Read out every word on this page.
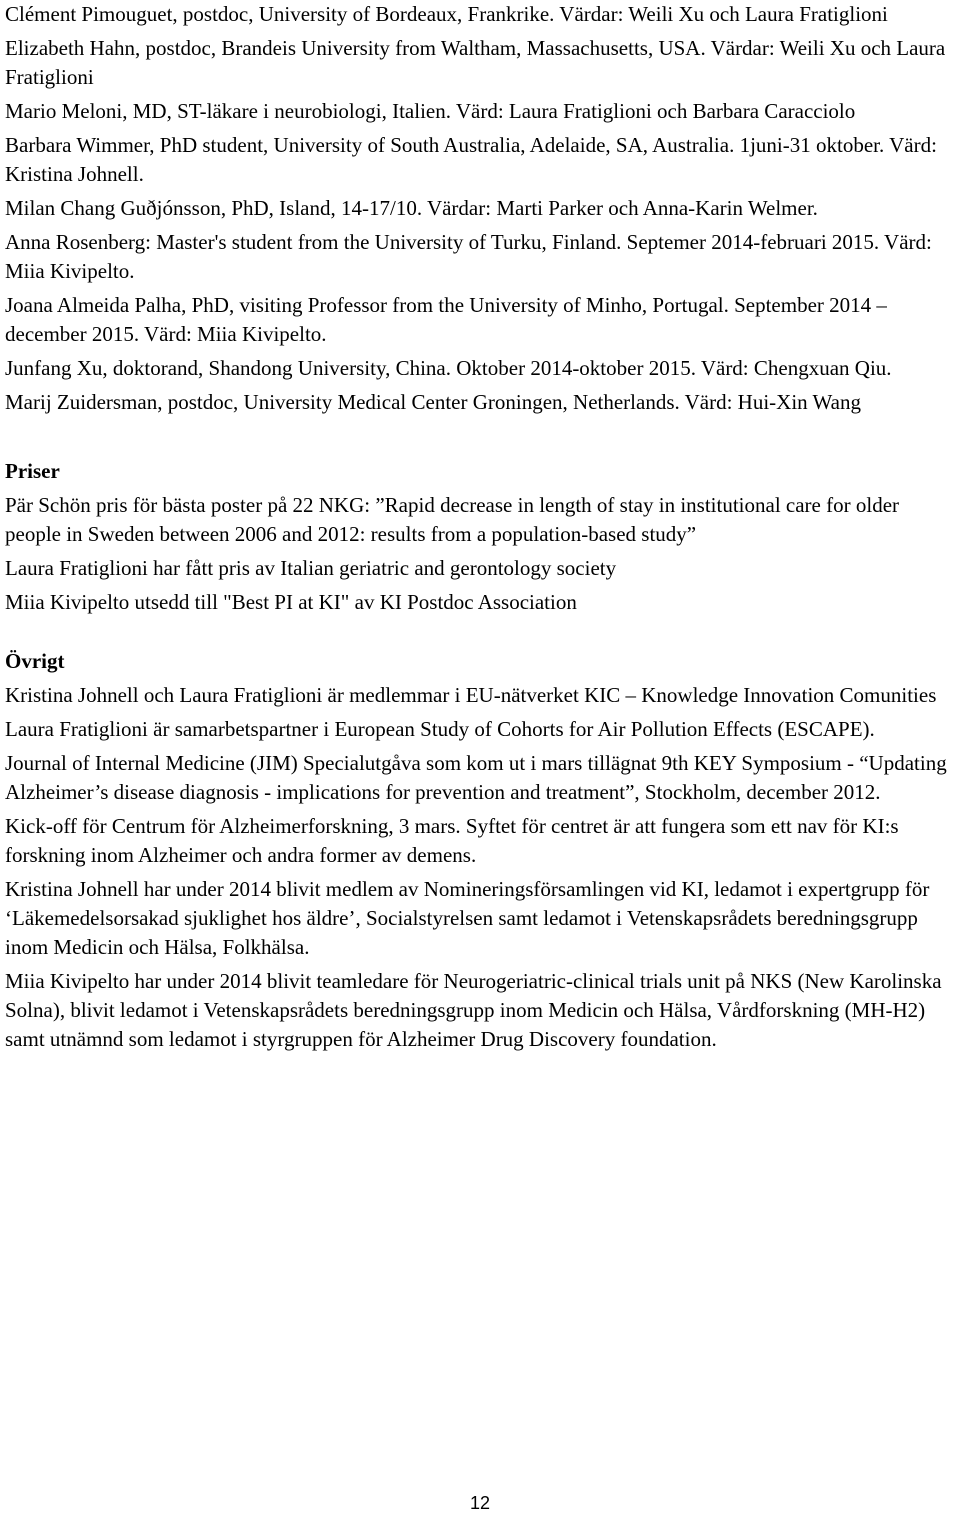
Clément Pimouguet, postdoc, University of Bordeaux, Frankrike. Värdar: Weili Xu och Laura Fratiglioni

Elizabeth Hahn, postdoc, Brandeis University from Waltham, Massachusetts, USA. Värdar: Weili Xu och Laura Fratiglioni

Mario Meloni, MD, ST-läkare i neurobiologi, Italien. Värd: Laura Fratiglioni och Barbara Caracciolo

Barbara Wimmer, PhD student, University of South Australia, Adelaide, SA, Australia. 1juni-31 oktober. Värd: Kristina Johnell.

Milan Chang Guðjónsson, PhD, Island, 14-17/10. Värdar: Marti Parker och Anna-Karin Welmer.

Anna Rosenberg: Master's student from the University of Turku, Finland. Septemer 2014-februari 2015. Värd: Miia Kivipelto.

Joana Almeida Palha, PhD, visiting Professor from the University of Minho, Portugal. September 2014 – december 2015. Värd: Miia Kivipelto.

Junfang Xu, doktorand, Shandong University, China. Oktober 2014-oktober 2015. Värd: Chengxuan Qiu.

Marij Zuidersman, postdoc, University Medical Center Groningen, Netherlands. Värd: Hui-Xin Wang

Priser

Pär Schön pris för bästa poster på 22 NKG: ”Rapid decrease in length of stay in institutional care for older people in Sweden between 2006 and 2012: results from a population-based study”

Laura Fratiglioni har fått pris av Italian geriatric and gerontology society

Miia Kivipelto utsedd till "Best PI at KI" av KI Postdoc Association

Övrigt

Kristina Johnell och Laura Fratiglioni är medlemmar i EU-nätverket KIC – Knowledge Innovation Comunities

Laura Fratiglioni är samarbetspartner i European Study of Cohorts for Air Pollution Effects (ESCAPE).

Journal of Internal Medicine (JIM) Specialutgåva som kom ut i mars tillägnat 9th KEY Symposium - “Updating Alzheimer’s disease diagnosis - implications for prevention and treatment”, Stockholm, december 2012.

Kick-off för Centrum för Alzheimerforskning, 3 mars. Syftet för centret är att fungera som ett nav för KI:s forskning inom Alzheimer och andra former av demens.

Kristina Johnell har under 2014 blivit medlem av Nomineringsförsamlingen vid KI, ledamot i expertgrupp för ‘Läkemedelsorsakad sjuklighet hos äldre’, Socialstyrelsen samt ledamot i Vetenskapsrådets beredningsgrupp inom Medicin och Hälsa, Folkhälsa.

Miia Kivipelto har under 2014 blivit teamledare för Neurogeriatric-clinical trials unit på NKS (New Karolinska Solna), blivit ledamot i Vetenskapsrådets beredningsgrupp inom Medicin och Hälsa, Vårdforskning (MH-H2) samt utnämnd som ledamot i styrgruppen för Alzheimer Drug Discovery foundation.

12
